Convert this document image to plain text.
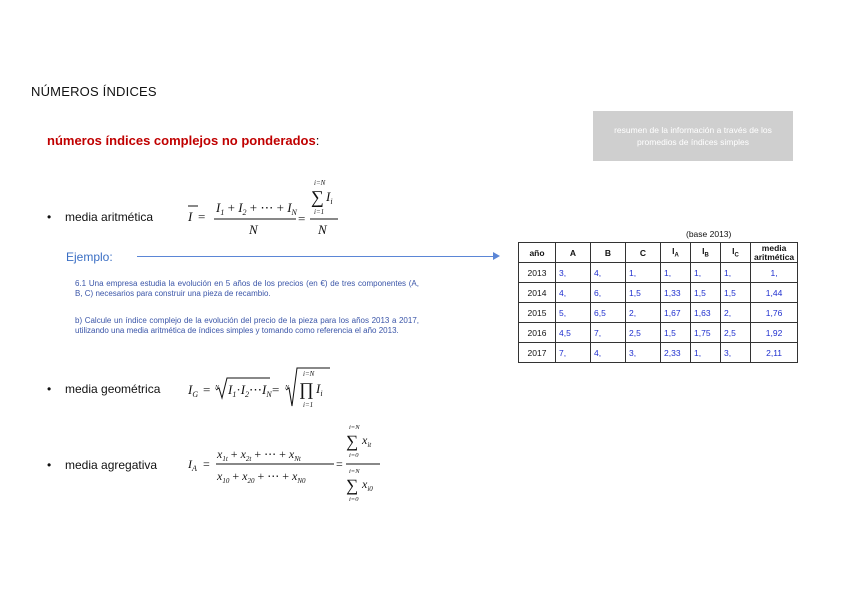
NÚMEROS ÍNDICES
números índices complejos no ponderados:
resumen de la información a través de los promedios de índices simples
• media aritmética	I =
$I_1 + I_2$ + ⋯ + $I_N$
N
=
i=N
∑ $I_i$
i=1
N
Ejemplo:
6.1 Una empresa estudia la evolución en 5 años de los precios (en €) de tres componentes (A, B, C) necesarios para construir una pieza de recambio.
b) Calcule un índice complejo de la evolución del precio de la pieza para los años 2013 a 2017, utilizando una media aritmética de índices simples y tomando como referencia el año 2013.
• media geométrica $I_G = N$ $I_1\cdot I_2\cdots I_N = N$
i=N
∏ $I_i$
i=1
• media agregativa	$I_A$ =
$x_{1t} + x_{2t}$ + ⋯ + $x_{Nt}$
$x_{10} + x_{20}$ + ⋯ + $x_{N0}$
=
i=N
∑ $x_{it}$
i=0
i=N
∑ $x_{i0}$
i=0
(base 2013)
año	A	B	C	$I_A$	$I_B$	$I_C$	media aritmética

2013	3,	4,	1,	1,	1,	1,	1,
2014	4,	6,	1,5	1,33	1,5	1,5	1,44
2015	5,	6,5	2,	1,67	1,63	2,	1,76
2016	4,5	7,	2,5	1,5	1,75	2,5	1,92
2017	7,	4,	3,	2,33	1,	3,	2,11
